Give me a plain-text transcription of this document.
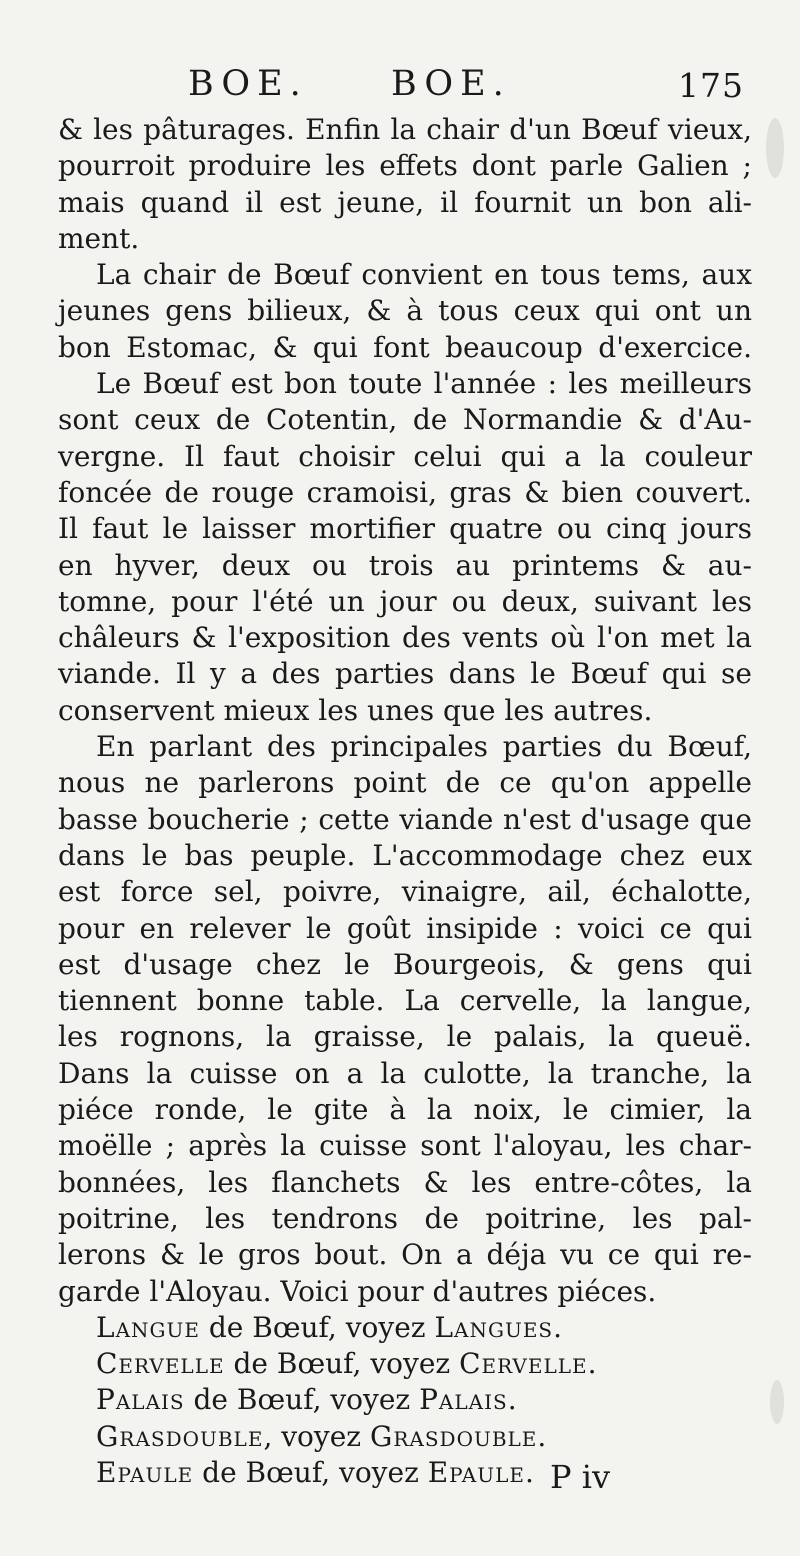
BOE. BOE.	175
& les pâturages. Enfin la chair d'un Bœuf vieux,
pourroit produire les effets dont parle Galien ;
mais quand il est jeune, il fournit un bon ali-
ment.
La chair de Bœuf convient en tous tems, aux
jeunes gens bilieux, & à tous ceux qui ont un
bon Estomac, & qui font beaucoup d'exercice.
Le Bœuf est bon toute l'année : les meilleurs
sont ceux de Cotentin, de Normandie & d'Au-
vergne. Il faut choisir celui qui a la couleur
foncée de rouge cramoisi, gras & bien couvert.
Il faut le laisser mortifier quatre ou cinq jours
en hyver, deux ou trois au printems & au-
tomne, pour l'été un jour ou deux, suivant les
châleurs & l'exposition des vents où l'on met la
viande. Il y a des parties dans le Bœuf qui se
conservent mieux les unes que les autres.
En parlant des principales parties du Bœuf,
nous ne parlerons point de ce qu'on appelle
basse boucherie ; cette viande n'est d'usage que
dans le bas peuple. L'accommodage chez eux
est force sel, poivre, vinaigre, ail, échalotte,
pour en relever le goût insipide : voici ce qui
est d'usage chez le Bourgeois, & gens qui
tiennent bonne table. La cervelle, la langue,
les rognons, la graisse, le palais, la queuë.
Dans la cuisse on a la culotte, la tranche, la
piéce ronde, le gite à la noix, le cimier, la
moëlle ; après la cuisse sont l'aloyau, les char-
bonnées, les flanchets & les entre-côtes, la
poitrine, les tendrons de poitrine, les pal-
lerons & le gros bout. On a déja vu ce qui re-
garde l'Aloyau. Voici pour d'autres piéces.
Langue de Bœuf, voyez Langues.
Cervelle de Bœuf, voyez Cervelle.
Palais de Bœuf, voyez Palais.
Grasdouble, voyez Grasdouble.
Epaule de Bœuf, voyez Epaule. P iv
